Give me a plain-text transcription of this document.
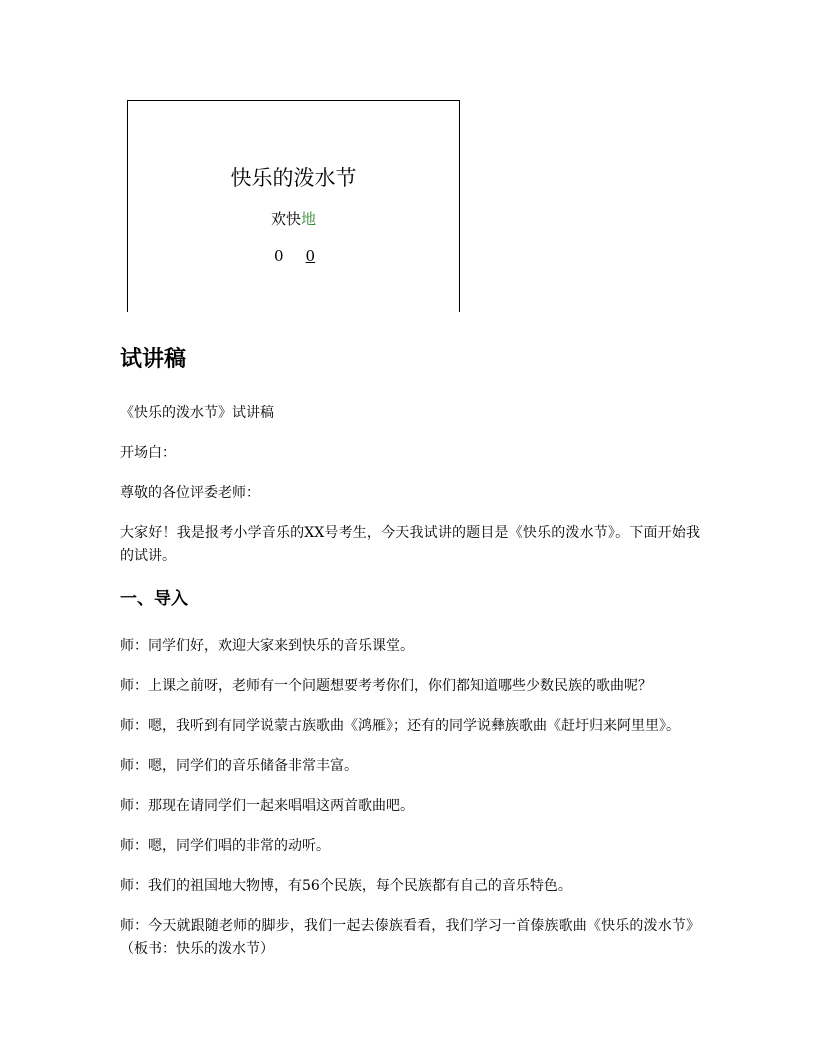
快乐的泼水节
欢快地
0 0
试讲稿

《快乐的泼水节》试讲稿

开场白：

尊敬的各位评委老师：

大家好！我是报考小学音乐的XX号考生，今天我试讲的题目是《快乐的泼水节》。下面开始我的试讲。

一、导入

师：同学们好，欢迎大家来到快乐的音乐课堂。

师：上课之前呀，老师有一个问题想要考考你们，你们都知道哪些少数民族的歌曲呢？

师：嗯，我听到有同学说蒙古族歌曲《鸿雁》；还有的同学说彝族歌曲《赶圩归来阿里里》。

师：嗯，同学们的音乐储备非常丰富。

师：那现在请同学们一起来唱唱这两首歌曲吧。

师：嗯，同学们唱的非常的动听。

师：我们的祖国地大物博，有56个民族，每个民族都有自己的音乐特色。

师：今天就跟随老师的脚步，我们一起去傣族看看，我们学习一首傣族歌曲《快乐的泼水节》（板书：快乐的泼水节）
